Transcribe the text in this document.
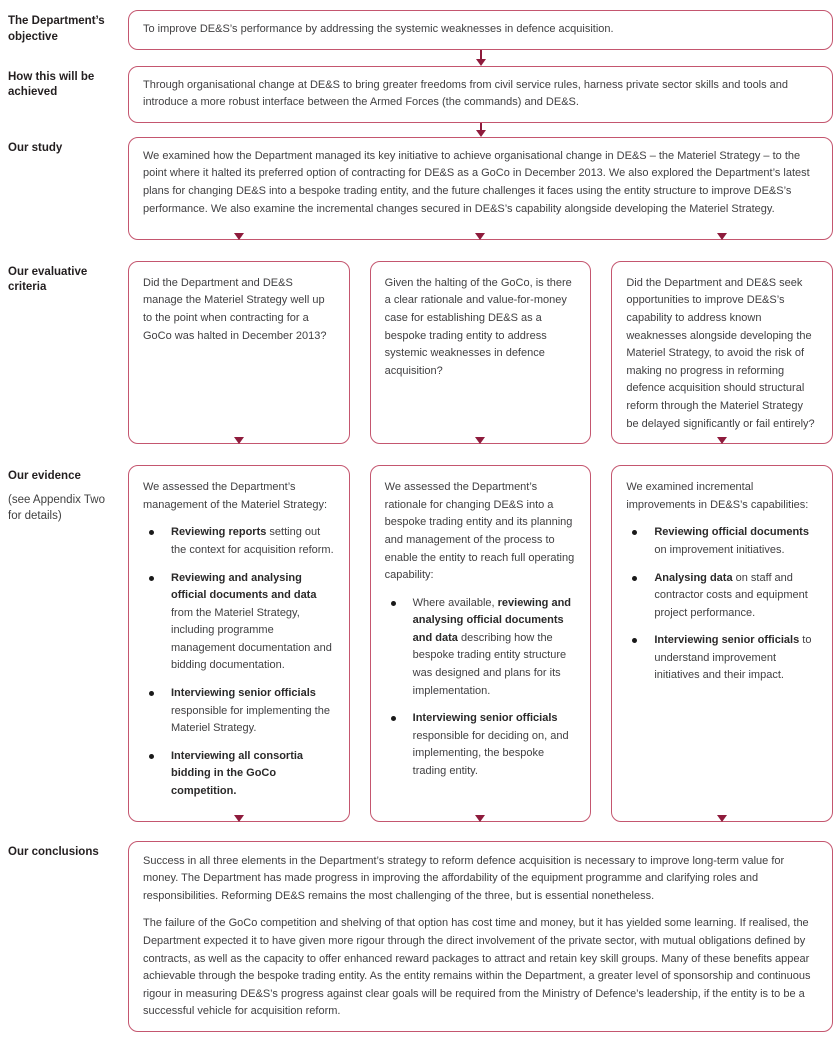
The Department’s objective
To improve DE&S’s performance by addressing the systemic weaknesses in defence acquisition.
How this will be achieved
Through organisational change at DE&S to bring greater freedoms from civil service rules, harness private sector skills and tools and introduce a more robust interface between the Armed Forces (the commands) and DE&S.
Our study
We examined how the Department managed its key initiative to achieve organisational change in DE&S – the Materiel Strategy – to the point where it halted its preferred option of contracting for DE&S as a GoCo in December 2013. We also explored the Department’s latest plans for changing DE&S into a bespoke trading entity, and the future challenges it faces using the entity structure to improve DE&S’s performance. We also examine the incremental changes secured in DE&S’s capability alongside developing the Materiel Strategy.
Our evaluative criteria	Did the Department and DE&S manage the Materiel Strategy well up to the point when contracting for a GoCo was halted in December 2013?
Given the halting of the GoCo, is there a clear rationale and value-for-money case for establishing DE&S as a bespoke trading entity to address systemic weaknesses in defence acquisition?
Did the Department and DE&S seek opportunities to improve DE&S’s capability to address known weaknesses alongside developing the Materiel Strategy, to avoid the risk of making no progress in reforming defence acquisition should structural reform through the Materiel Strategy be delayed significantly or fail entirely?
Our evidence
(see Appendix Two for details)
We assessed the Department’s management of the Materiel Strategy:
Reviewing reports setting out the context for acquisition reform.
Reviewing and analysing official documents and data from the Materiel Strategy, including programme management documentation and bidding documentation.
Interviewing senior officials responsible for implementing the Materiel Strategy.
Interviewing all consortia bidding in the GoCo competition.
We assessed the Department’s rationale for changing DE&S into a bespoke trading entity and its planning and management of the process to enable the entity to reach full operating capability:
Where available, reviewing and analysing official documents and data describing how the bespoke trading entity structure was designed and plans for its implementation.
Interviewing senior officials responsible for deciding on, and implementing, the bespoke trading entity.
We examined incremental improvements in DE&S’s capabilities:
Reviewing official documents on improvement initiatives.
Analysing data on staff and contractor costs and equipment project performance.
Interviewing senior officials to understand improvement initiatives and their impact.
Our conclusions

Success in all three elements in the Department’s strategy to reform defence acquisition is necessary to improve long-term value for money. The Department has made progress in improving the affordability of the equipment programme and clarifying roles and responsibilities. Reforming DE&S remains the most challenging of the three, but is essential nonetheless.

The failure of the GoCo competition and shelving of that option has cost time and money, but it has yielded some learning. If realised, the Department expected it to have given more rigour through the direct involvement of the private sector, with mutual obligations defined by contracts, as well as the capacity to offer enhanced reward packages to attract and retain key skill groups. Many of these benefits appear achievable through the bespoke trading entity. As the entity remains within the Department, a greater level of sponsorship and continuous rigour in measuring DE&S’s progress against clear goals will be required from the Ministry of Defence’s leadership, if the entity is to be a successful vehicle for acquisition reform.
